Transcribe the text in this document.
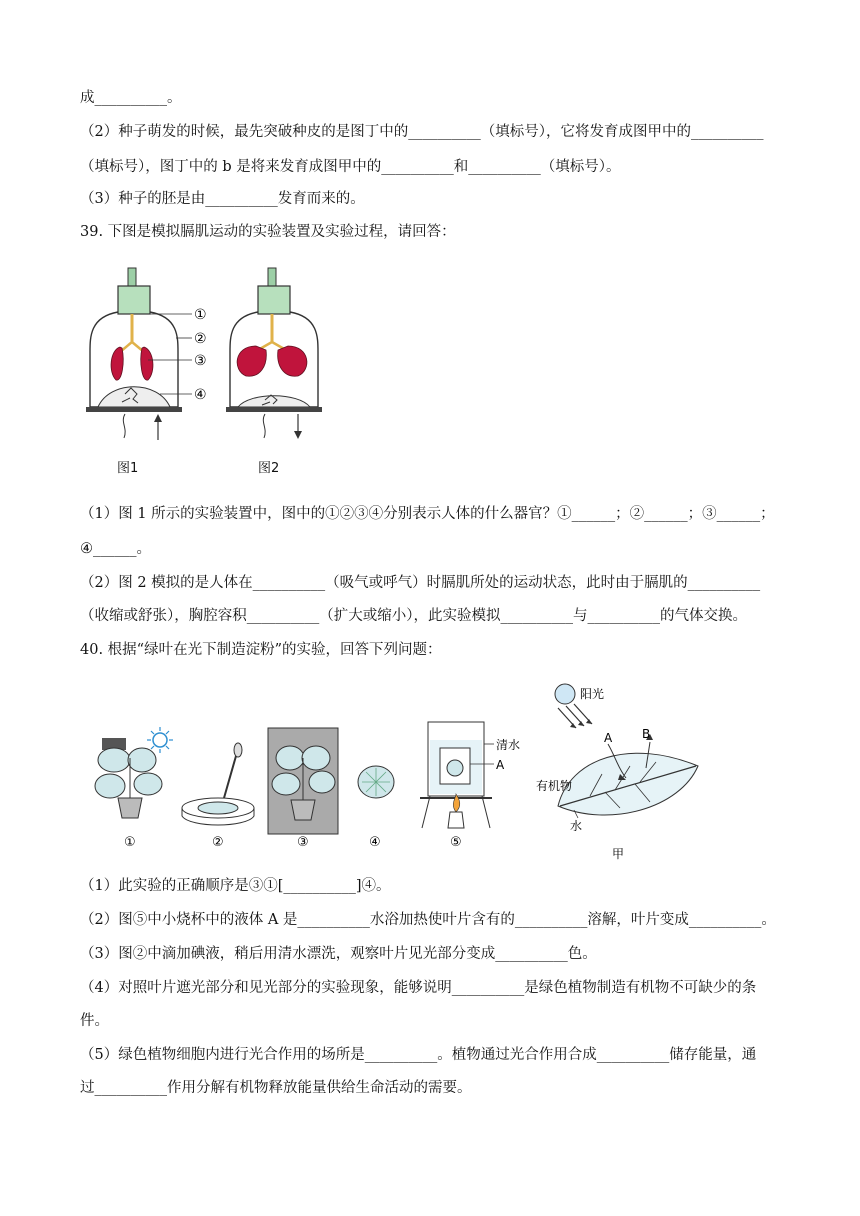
成__________。
（2）种子萌发的时候，最先突破种皮的是图丁中的__________（填标号），它将发育成图甲中的__________
（填标号），图丁中的 b 是将来发育成图甲中的__________和__________（填标号）。
（3）种子的胚是由__________发育而来的。
39. 下图是模拟膈肌运动的实验装置及实验过程，请回答：
①
②
③
④
图1	图2
（1）图 1 所示的实验装置中，图中的①②③④分别表示人体的什么器官？①______；②______；③______；
④______。
（2）图 2 模拟的是人体在__________（吸气或呼气）时膈肌所处的运动状态，此时由于膈肌的__________
（收缩或舒张），胸腔容积__________（扩大或缩小），此实验模拟__________与__________的气体交换。
40. 根据“绿叶在光下制造淀粉”的实验，回答下列问题：
清水
A
①	②	③	④	⑤
阳光
A B
有机物
水
甲
（1）此实验的正确顺序是③①[__________]④。
（2）图⑤中小烧杯中的液体 A 是__________水浴加热使叶片含有的__________溶解，叶片变成__________。
（3）图②中滴加碘液，稍后用清水漂洗，观察叶片见光部分变成__________色。
（4）对照叶片遮光部分和见光部分的实验现象，能够说明__________是绿色植物制造有机物不可缺少的条
件。
（5）绿色植物细胞内进行光合作用的场所是__________。植物通过光合作用合成__________储存能量，通
过__________作用分解有机物释放能量供给生命活动的需要。
